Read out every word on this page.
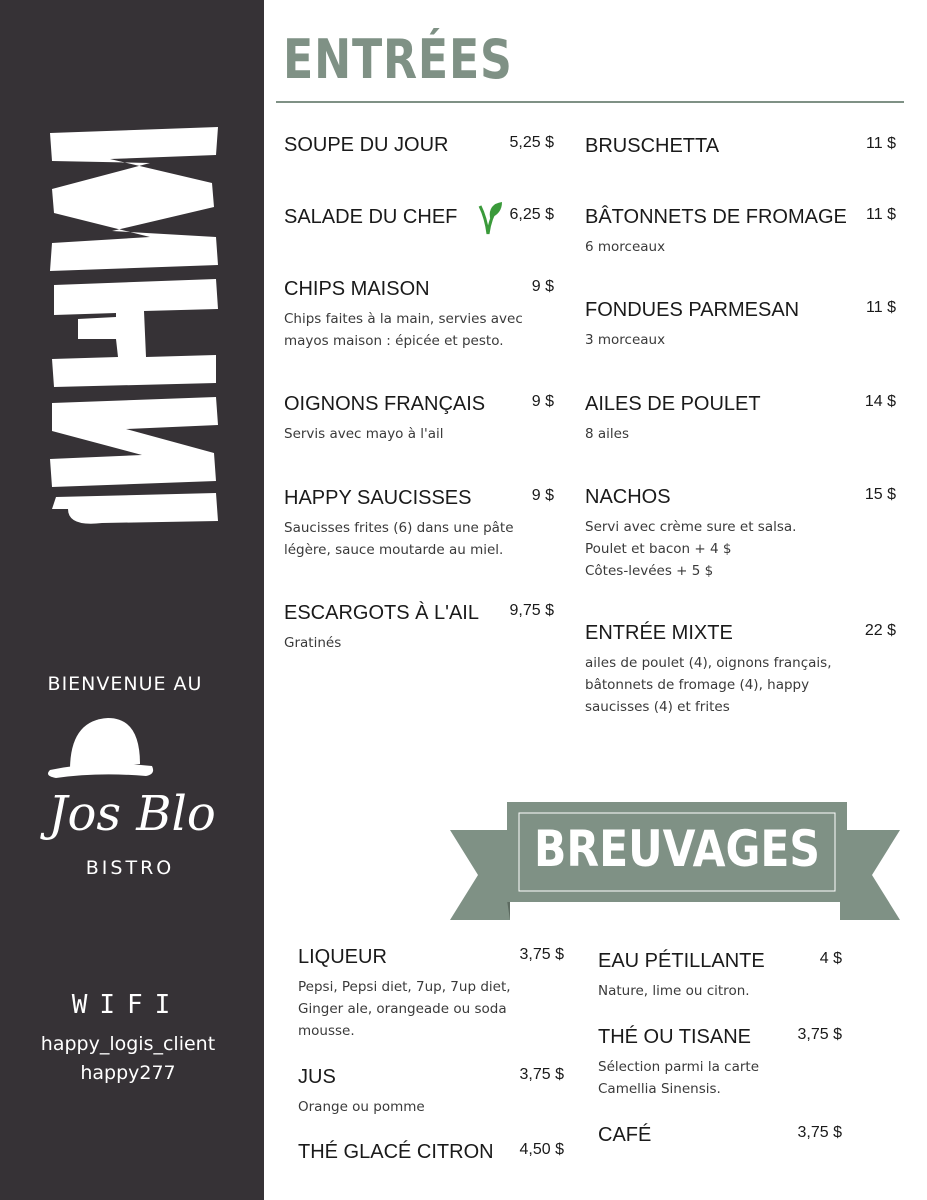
BIENVENUE AU
Jos Blo
BISTRO
WIFI
happy_logis_client
happy277
ENTRÉES
SOUPE DU JOUR	5,25 $
SALADE DU CHEF	6,25 $
CHIPS MAISON	9 $
Chips faites à la main, servies avec
mayos maison : épicée et pesto.
OIGNONS FRANÇAIS	9 $
Servis avec mayo à l'ail
HAPPY SAUCISSES	9 $
Saucisses frites (6) dans une pâte
légère, sauce moutarde au miel.
ESCARGOTS À L'AIL 9,75 $
Gratinés
BRUSCHETTA	11 $
BÂTONNETS DE FROMAGE 11 $
6 morceaux
FONDUES PARMESAN	11 $
3 morceaux
AILES DE POULET	14 $
8 ailes
NACHOS	15 $
Servi avec crème sure et salsa.
Poulet et bacon + 4 $
Côtes-levées + 5 $
ENTRÉE MIXTE	22 $
ailes de poulet (4), oignons français,
bâtonnets de fromage (4), happy
saucisses (4) et frites
BREUVAGES
LIQUEUR	3,75 $
Pepsi, Pepsi diet, 7up, 7up diet,
Ginger ale, orangeade ou soda
mousse.
JUS	3,75 $
Orange ou pomme
THÉ GLACÉ CITRON 4,50 $
EAU PÉTILLANTE	4 $
Nature, lime ou citron.
THÉ OU TISANE	3,75 $
Sélection parmi la carte
Camellia Sinensis.
CAFÉ	3,75 $
